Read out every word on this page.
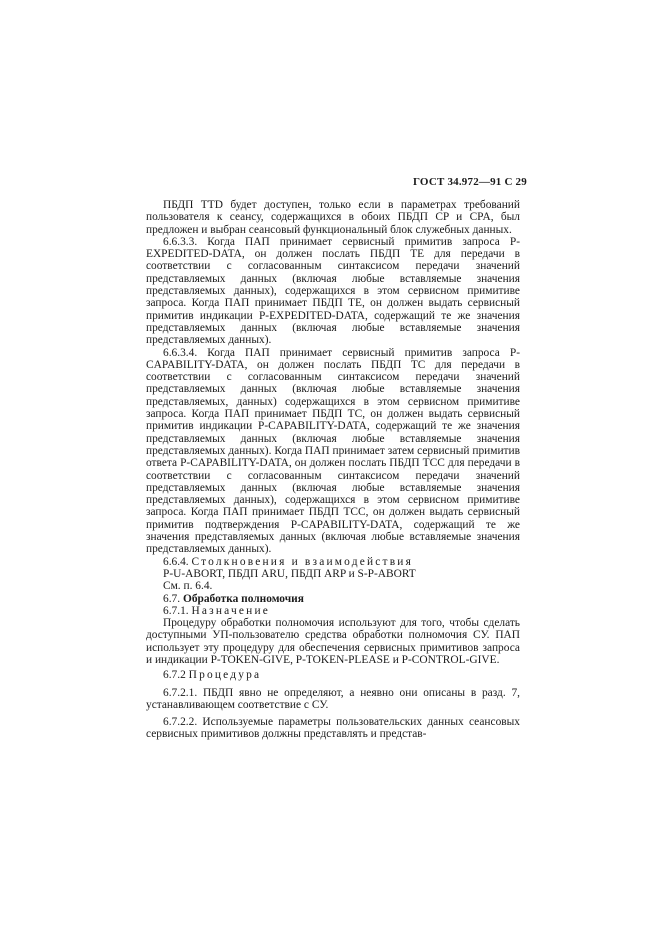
ГОСТ 34.972—91 С 29

ПБДП TTD будет доступен, только если в параметрах требований пользователя к сеансу, содержащихся в обоих ПБДП CP и CPA, был предложен и выбран сеансовый функциональный блок служебных данных.

6.6.3.3. Когда ПАП принимает сервисный примитив запроса P-EXPEDITED-DATA, он должен послать ПБДП ТЕ для передачи в соответствии с согласованным синтаксисом передачи значений представляемых данных (включая любые вставляемые значения представляемых данных), содержащихся в этом сервисном примитиве запроса. Когда ПАП принимает ПБДП ТЕ, он должен выдать сервисный примитив индикации P-EXPEDITED-DATA, содержащий те же значения представляемых данных (включая любые вставляемые значения представляемых данных).

6.6.3.4. Когда ПАП принимает сервисный примитив запроса P-CAPABILITY-DATA, он должен послать ПБДП ТС для передачи в соответствии с согласованным синтаксисом передачи значений представляемых данных (включая любые вставляемые значения представляемых, данных) содержащихся в этом сервисном примитиве запроса. Когда ПАП принимает ПБДП ТС, он должен выдать сервисный примитив индикации P-CAPABILITY-DATA, содержащий те же значения представляемых данных (включая любые вставляемые значения представляемых данных). Когда ПАП принимает затем сервисный примитив ответа P-CAPABILITY-DATA, он должен послать ПБДП ТСС для передачи в соответствии с согласованным синтаксисом передачи значений представляемых данных (включая любые вставляемые значения представляемых данных), содержащихся в этом сервисном примитиве запроса. Когда ПАП принимает ПБДП ТСС, он должен выдать сервисный примитив подтверждения P-CAPABILITY-DATA, содержащий те же значения представляемых данных (включая любые вставляемые значения представляемых данных).

6.6.4. Столкновения и взаимодействия

P-U-ABORT, ПБДП ARU, ПБДП ARP и S-P-ABORT

См. п. 6.4.

6.7. Обработка полномочия

6.7.1. Назначение

Процедуру обработки полномочия используют для того, чтобы сделать доступными УП-пользователю средства обработки полномочия СУ. ПАП использует эту процедуру для обеспечения сервисных примитивов запроса и индикации P-TOKEN-GIVE, P-TOKEN-PLEASE и P-CONTROL-GIVE.

6.7.2 Процедура

6.7.2.1. ПБДП явно не определяют, а неявно они описаны в разд. 7, устанавливающем соответствие с СУ.

6.7.2.2. Используемые параметры пользовательских данных сеансовых сервисных примитивов должны представлять и представ-
